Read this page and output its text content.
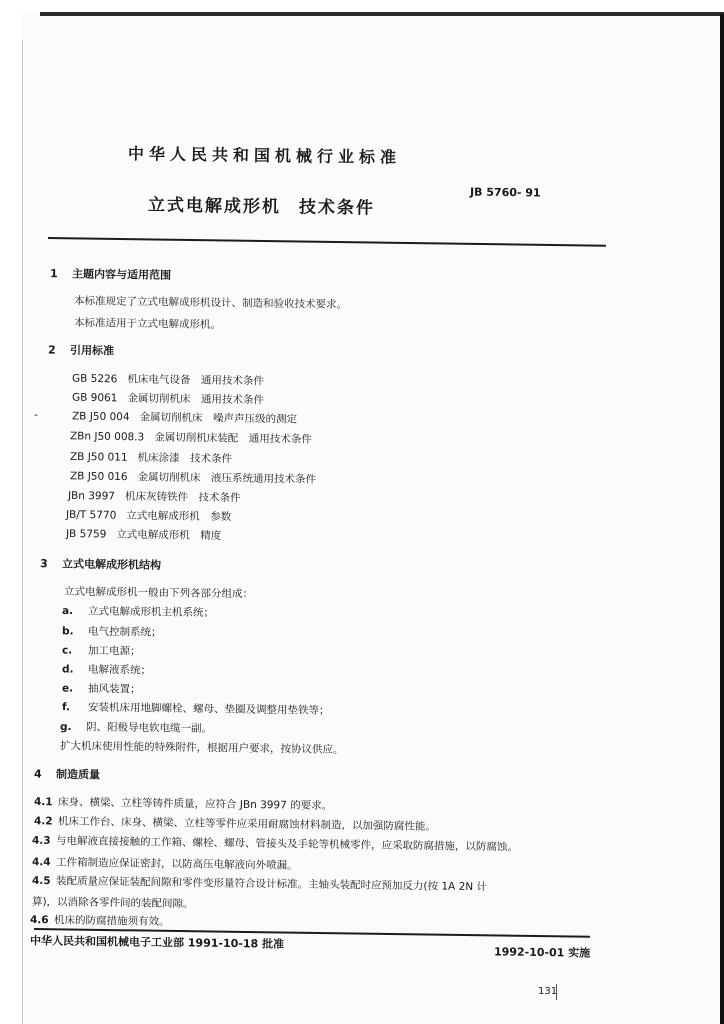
中华人民共和国机械行业标准
立式电解成形机 技术条件
JB 5760- 91
1 主题内容与适用范围
本标准规定了立式电解成形机设计、制造和验收技术要求。
本标准适用于立式电解成形机。
2 引用标准
GB 5226 机床电气设备　通用技术条件
GB 9061 金属切削机床　通用技术条件
-	ZB J50 004 金属切削机床　噪声声压级的测定
ZBn J50 008.3 金属切削机床装配　通用技术条件
ZB J50 011 机床涂漆　技术条件
ZB J50 016 金属切削机床　液压系统通用技术条件
JBn 3997 机床灰铸铁件　技术条件
JB/T 5770 立式电解成形机　参数
JB 5759 立式电解成形机　精度
3 立式电解成形机结构
立式电解成形机一般由下列各部分组成：
a. 立式电解成形机主机系统；
b. 电气控制系统；
c. 加工电源；
d. 电解液系统；
e. 抽风装置；
f. 安装机床用地脚螺栓、螺母、垫圈及调整用垫铁等；
g. 阴、阳极导电软电缆一副。
扩大机床使用性能的特殊附件，根据用户要求，按协议供应。
4 制造质量
4.1 床身、横梁、立柱等铸件质量，应符合 JBn 3997 的要求。
4.2 机床工作台、床身、横梁、立柱等零件应采用耐腐蚀材料制造，以加强防腐性能。
4.3 与电解液直接接触的工作箱、螺栓、螺母、管接头及手轮等机械零件，应采取防腐措施，以防腐蚀。
4.4 工件箱制造应保证密封，以防高压电解液向外喷漏。
4.5 装配质量应保证装配间隙和零件变形量符合设计标准。主轴头装配时应预加反力(按 1A 2N 计
算)，以消除各零件间的装配间隙。
4.6 机床的防腐措施须有效。
中华人民共和国机械电子工业部 1991-10-18 批准
1992-10-01 实施
131
